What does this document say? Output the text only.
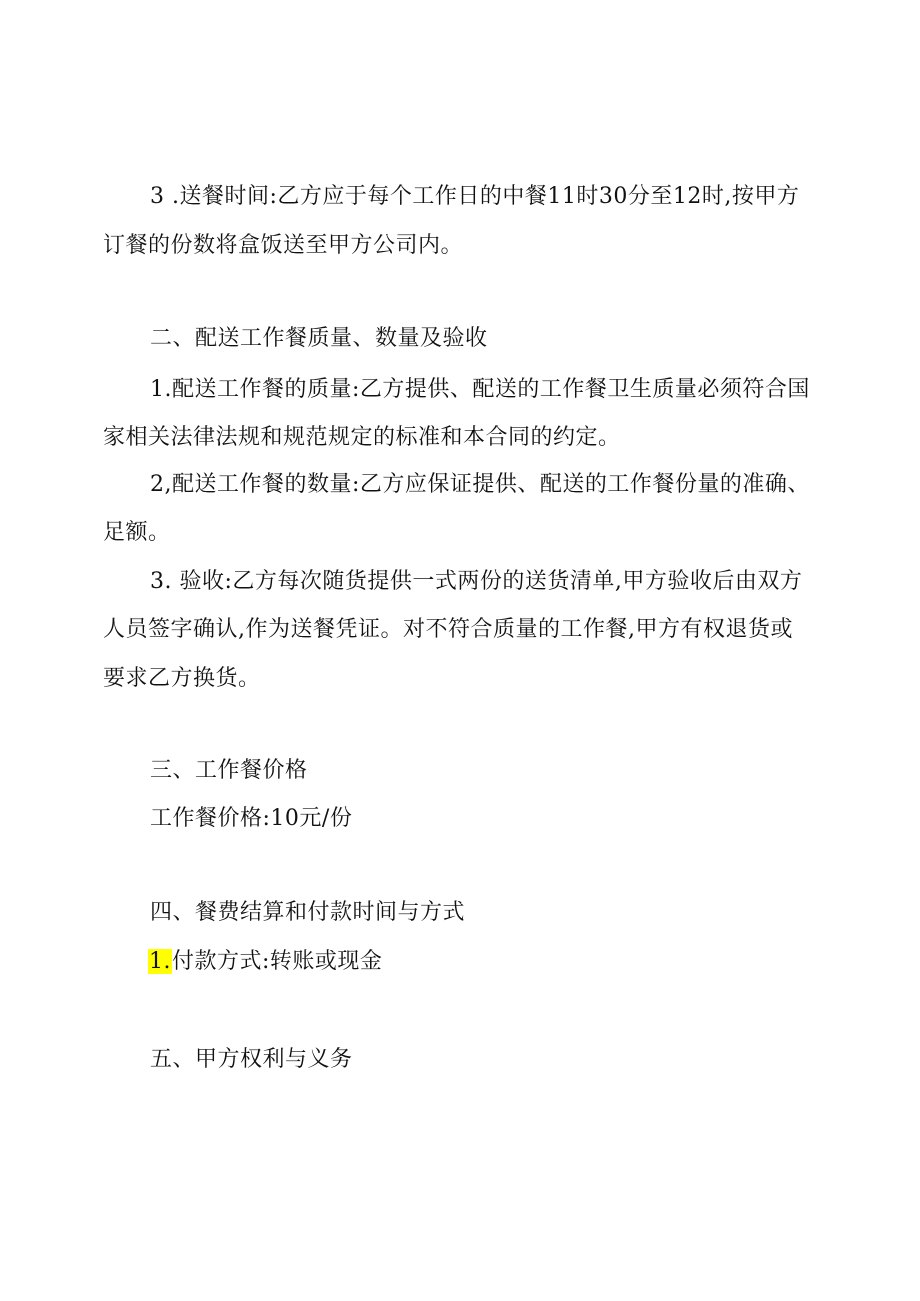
3 .送餐时间:乙方应于每个工作日的中餐11时30分至12时,按甲方
订餐的份数将盒饭送至甲方公司内。
二、配送工作餐质量、数量及验收
1.配送工作餐的质量:乙方提供、配送的工作餐卫生质量必须符合国
家相关法律法规和规范规定的标准和本合同的约定。
2,配送工作餐的数量:乙方应保证提供、配送的工作餐份量的准确、
足额。
3. 验收:乙方每次随货提供一式两份的送货清单,甲方验收后由双方
人员签字确认,作为送餐凭证。对不符合质量的工作餐,甲方有权退货或
要求乙方换货。
三、工作餐价格
工作餐价格:10元/份
四、餐费结算和付款时间与方式
1.付款方式:转账或现金
五、甲方权利与义务
